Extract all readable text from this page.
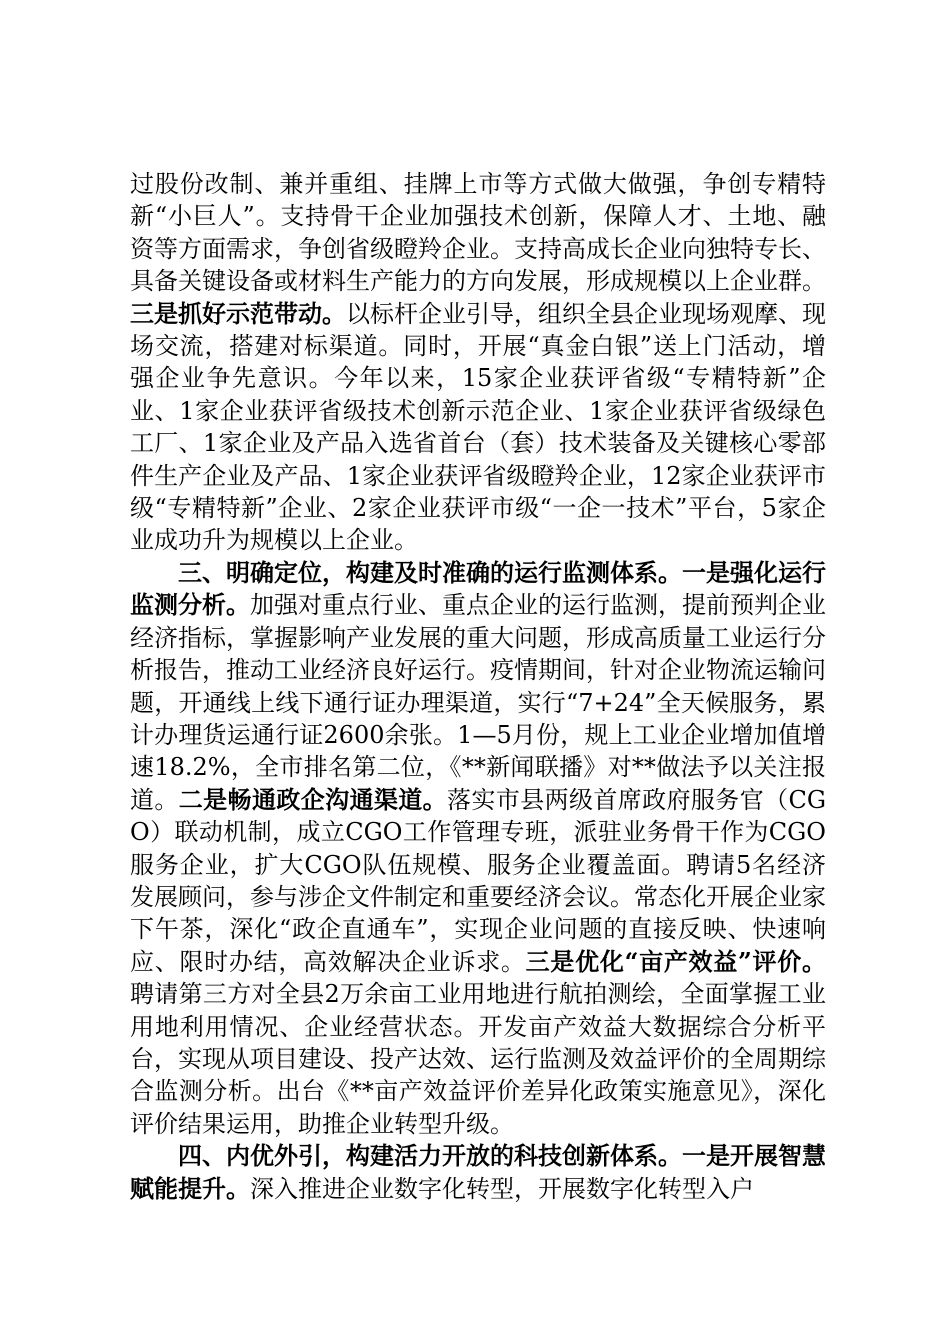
过股份改制、兼并重组、挂牌上市等方式做大做强，争创专精特新“小巨人”。支持骨干企业加强技术创新，保障人才、土地、融资等方面需求，争创省级瞪羚企业。支持高成长企业向独特专长、具备关键设备或材料生产能力的方向发展，形成规模以上企业群。三是抓好示范带动。以标杆企业引导，组织全县企业现场观摩、现场交流，搭建对标渠道。同时，开展“真金白银”送上门活动，增强企业争先意识。今年以来，15家企业获评省级“专精特新”企业、1家企业获评省级技术创新示范企业、1家企业获评省级绿色工厂、1家企业及产品入选省首台（套）技术装备及关键核心零部件生产企业及产品、1家企业获评省级瞪羚企业，12家企业获评市级“专精特新”企业、2家企业获评市级“一企一技术”平台，5家企业成功升为规模以上企业。

三、明确定位，构建及时准确的运行监测体系。一是强化运行监测分析。加强对重点行业、重点企业的运行监测，提前预判企业经济指标，掌握影响产业发展的重大问题，形成高质量工业运行分析报告，推动工业经济良好运行。疫情期间，针对企业物流运输问题，开通线上线下通行证办理渠道，实行“7+24”全天候服务，累计办理货运通行证2600余张。1—5月份，规上工业企业增加值增速18.2%，全市排名第二位，《**新闻联播》对**做法予以关注报道。二是畅通政企沟通渠道。落实市县两级首席政府服务官（CGO）联动机制，成立CGO工作管理专班，派驻业务骨干作为CGO服务企业，扩大CGO队伍规模、服务企业覆盖面。聘请5名经济发展顾问，参与涉企文件制定和重要经济会议。常态化开展企业家下午茶，深化“政企直通车”，实现企业问题的直接反映、快速响应、限时办结，高效解决企业诉求。三是优化“亩产效益”评价。聘请第三方对全县2万余亩工业用地进行航拍测绘，全面掌握工业用地利用情况、企业经营状态。开发亩产效益大数据综合分析平台，实现从项目建设、投产达效、运行监测及效益评价的全周期综合监测分析。出台《**亩产效益评价差异化政策实施意见》，深化评价结果运用，助推企业转型升级。

四、内优外引，构建活力开放的科技创新体系。一是开展智慧赋能提升。深入推进企业数字化转型，开展数字化转型入户
